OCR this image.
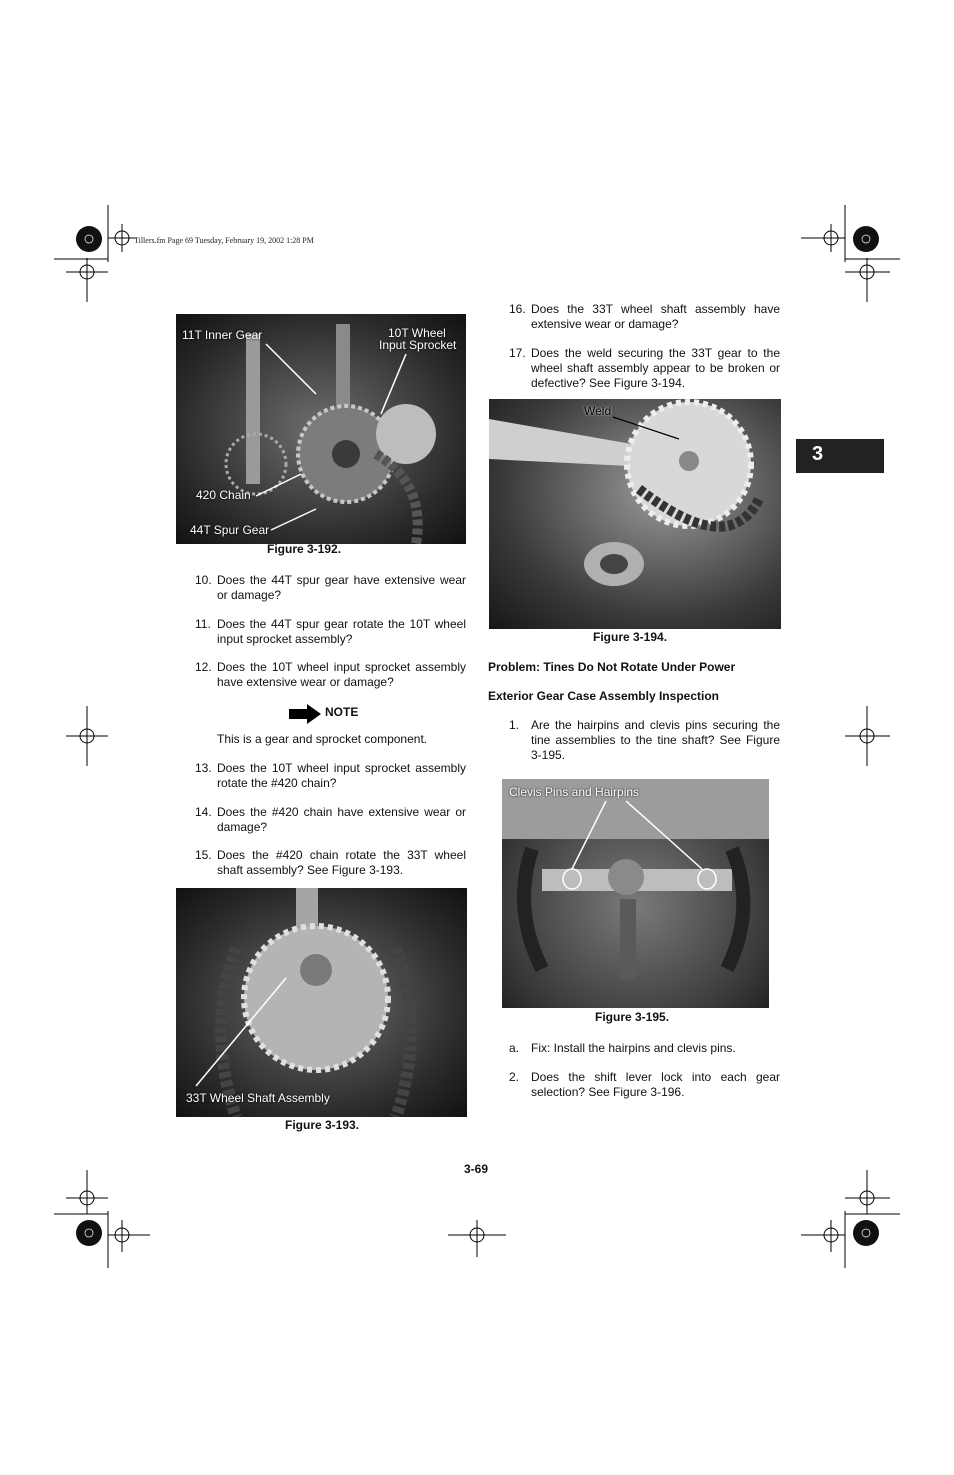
Tillers.fm Page 69 Tuesday, February 19, 2002 1:28 PM
3
11T Inner Gear	10T Wheel
Input Sprocket
420 Chain
44T Spur Gear
Figure 3-192.
10. Does the 44T spur gear have extensive wear or damage?
11. Does the 44T spur gear rotate the 10T wheel input sprocket assembly?
12. Does the 10T wheel input sprocket assembly have extensive wear or damage?
NOTE
This is a gear and sprocket component.
13. Does the 10T wheel input sprocket assembly rotate the #420 chain?
14. Does the #420 chain have extensive wear or damage?
15. Does the #420 chain rotate the 33T wheel shaft assembly? See Figure 3-193.
33T Wheel Shaft Assembly
Figure 3-193.
16. Does the 33T wheel shaft assembly have extensive wear or damage?
17. Does the weld securing the 33T gear to the wheel shaft assembly appear to be broken or defective? See Figure 3-194.
Weld
Figure 3-194.
Problem: Tines Do Not Rotate Under Power
Exterior Gear Case Assembly Inspection
1. Are the hairpins and clevis pins securing the tine assemblies to the tine shaft? See Figure 3-195.
Clevis Pins and Hairpins
Figure 3-195.
a. Fix: Install the hairpins and clevis pins.
2. Does the shift lever lock into each gear selection? See Figure 3-196.
3-69
